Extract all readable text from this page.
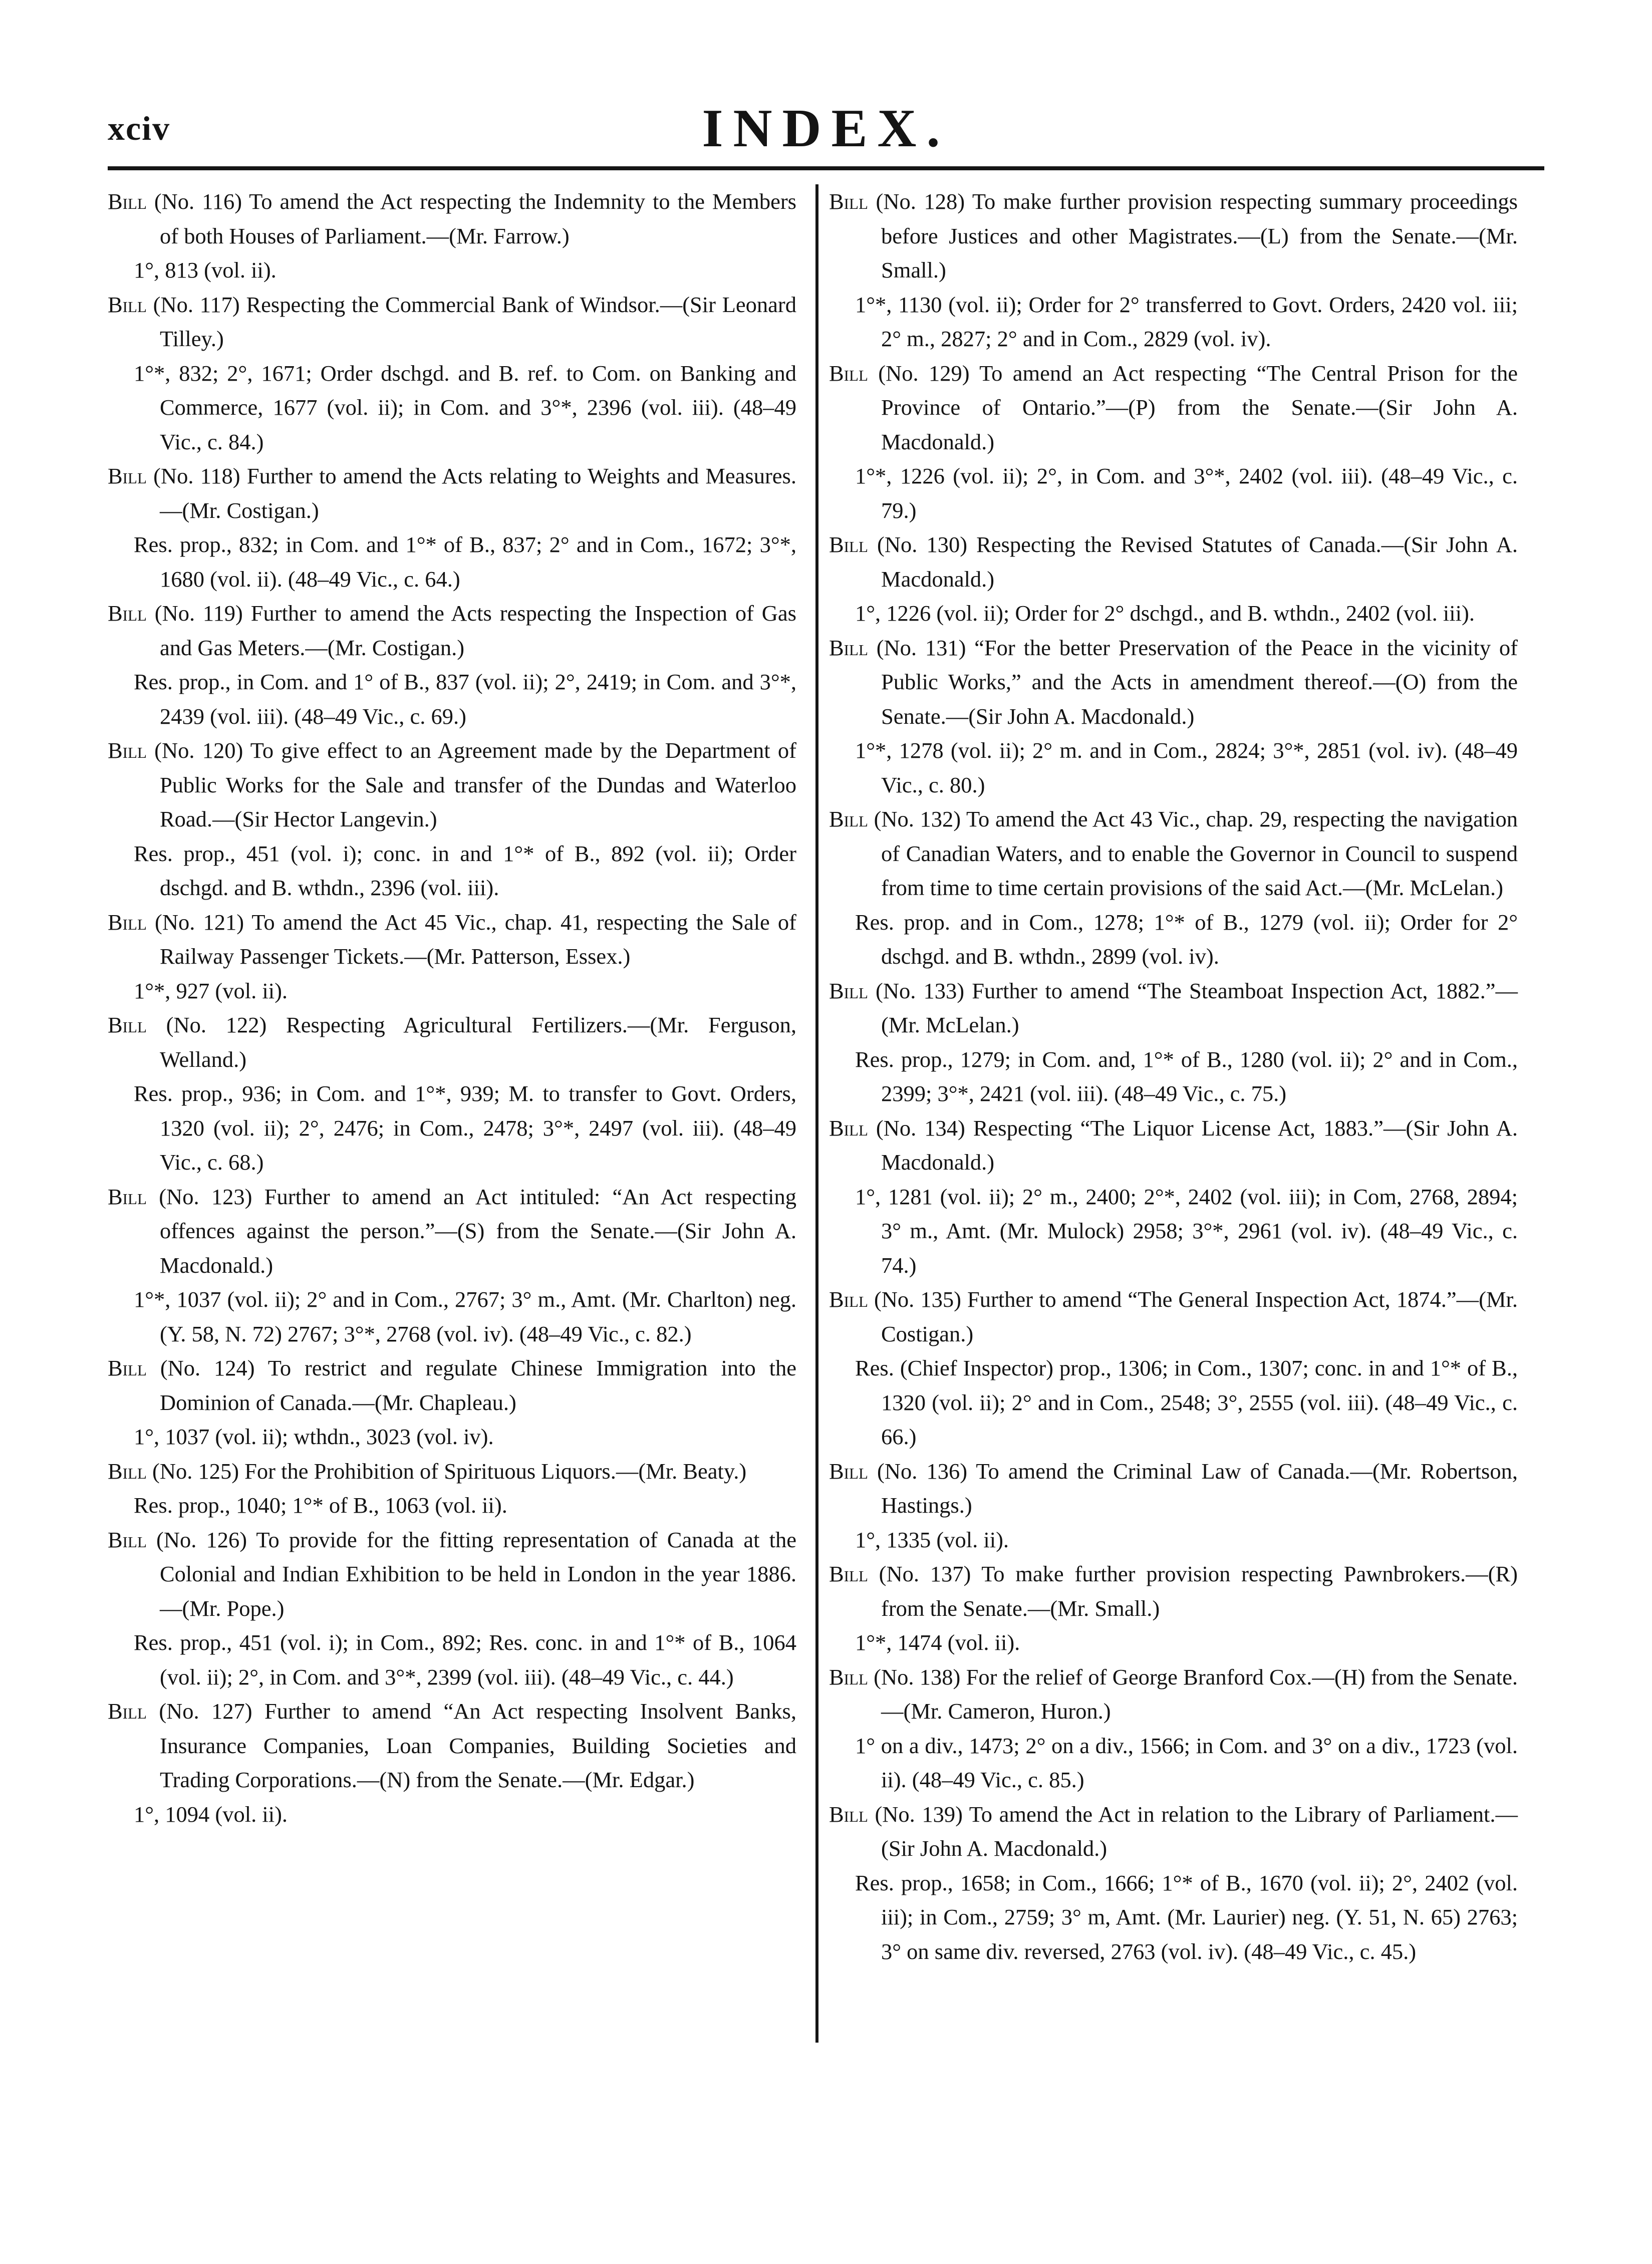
xciv	INDEX.

Bill (No. 116) To amend the Act respecting the Indemnity to the Members of both Houses of Parliament.—(Mr. Farrow.)

1°, 813 (vol. ii).

Bill (No. 117) Respecting the Commercial Bank of Windsor.—(Sir Leonard Tilley.)

1°*, 832; 2°, 1671; Order dschgd. and B. ref. to Com. on Banking and Commerce, 1677 (vol. ii); in Com. and 3°*, 2396 (vol. iii). (48–49 Vic., c. 84.)

Bill (No. 118) Further to amend the Acts relating to Weights and Measures.—(Mr. Costigan.)

Res. prop., 832; in Com. and 1°* of B., 837; 2° and in Com., 1672; 3°*, 1680 (vol. ii). (48–49 Vic., c. 64.)

Bill (No. 119) Further to amend the Acts respecting the Inspection of Gas and Gas Meters.—(Mr. Costigan.)

Res. prop., in Com. and 1° of B., 837 (vol. ii); 2°, 2419; in Com. and 3°*, 2439 (vol. iii). (48–49 Vic., c. 69.)

Bill (No. 120) To give effect to an Agreement made by the Department of Public Works for the Sale and transfer of the Dundas and Waterloo Road.—(Sir Hector Langevin.)

Res. prop., 451 (vol. i); conc. in and 1°* of B., 892 (vol. ii); Order dschgd. and B. wthdn., 2396 (vol. iii).

Bill (No. 121) To amend the Act 45 Vic., chap. 41, respecting the Sale of Railway Passenger Tickets.—(Mr. Patterson, Essex.)

1°*, 927 (vol. ii).

Bill (No. 122) Respecting Agricultural Fertilizers.—(Mr. Ferguson, Welland.)

Res. prop., 936; in Com. and 1°*, 939; M. to transfer to Govt. Orders, 1320 (vol. ii); 2°, 2476; in Com., 2478; 3°*, 2497 (vol. iii). (48–49 Vic., c. 68.)

Bill (No. 123) Further to amend an Act intituled: “An Act respecting offences against the person.”—(S) from the Senate.—(Sir John A. Macdonald.)

1°*, 1037 (vol. ii); 2° and in Com., 2767; 3° m., Amt. (Mr. Charlton) neg. (Y. 58, N. 72) 2767; 3°*, 2768 (vol. iv). (48–49 Vic., c. 82.)

Bill (No. 124) To restrict and regulate Chinese Immigration into the Dominion of Canada.—(Mr. Chapleau.)

1°, 1037 (vol. ii); wthdn., 3023 (vol. iv).

Bill (No. 125) For the Prohibition of Spirituous Liquors.—(Mr. Beaty.)

Res. prop., 1040; 1°* of B., 1063 (vol. ii).

Bill (No. 126) To provide for the fitting representation of Canada at the Colonial and Indian Exhibition to be held in London in the year 1886.—(Mr. Pope.)

Res. prop., 451 (vol. i); in Com., 892; Res. conc. in and 1°* of B., 1064 (vol. ii); 2°, in Com. and 3°*, 2399 (vol. iii). (48–49 Vic., c. 44.)

Bill (No. 127) Further to amend “An Act respecting Insolvent Banks, Insurance Companies, Loan Companies, Building Societies and Trading Corporations.—(N) from the Senate.—(Mr. Edgar.)

1°, 1094 (vol. ii).

Bill (No. 128) To make further provision respecting summary proceedings before Justices and other Magistrates.—(L) from the Senate.—(Mr. Small.)

1°*, 1130 (vol. ii); Order for 2° transferred to Govt. Orders, 2420 vol. iii; 2° m., 2827; 2° and in Com., 2829 (vol. iv).

Bill (No. 129) To amend an Act respecting “The Central Prison for the Province of Ontario.”—(P) from the Senate.—(Sir John A. Macdonald.)

1°*, 1226 (vol. ii); 2°, in Com. and 3°*, 2402 (vol. iii). (48–49 Vic., c. 79.)

Bill (No. 130) Respecting the Revised Statutes of Canada.—(Sir John A. Macdonald.)

1°, 1226 (vol. ii); Order for 2° dschgd., and B. wthdn., 2402 (vol. iii).

Bill (No. 131) “For the better Preservation of the Peace in the vicinity of Public Works,” and the Acts in amendment thereof.—(O) from the Senate.—(Sir John A. Macdonald.)

1°*, 1278 (vol. ii); 2° m. and in Com., 2824; 3°*, 2851 (vol. iv). (48–49 Vic., c. 80.)

Bill (No. 132) To amend the Act 43 Vic., chap. 29, respecting the navigation of Canadian Waters, and to enable the Governor in Council to suspend from time to time certain provisions of the said Act.—(Mr. McLelan.)

Res. prop. and in Com., 1278; 1°* of B., 1279 (vol. ii); Order for 2° dschgd. and B. wthdn., 2899 (vol. iv).

Bill (No. 133) Further to amend “The Steamboat Inspection Act, 1882.”—(Mr. McLelan.)

Res. prop., 1279; in Com. and, 1°* of B., 1280 (vol. ii); 2° and in Com., 2399; 3°*, 2421 (vol. iii). (48–49 Vic., c. 75.)

Bill (No. 134) Respecting “The Liquor License Act, 1883.”—(Sir John A. Macdonald.)

1°, 1281 (vol. ii); 2° m., 2400; 2°*, 2402 (vol. iii); in Com, 2768, 2894; 3° m., Amt. (Mr. Mulock) 2958; 3°*, 2961 (vol. iv). (48–49 Vic., c. 74.)

Bill (No. 135) Further to amend “The General Inspection Act, 1874.”—(Mr. Costigan.)

Res. (Chief Inspector) prop., 1306; in Com., 1307; conc. in and 1°* of B., 1320 (vol. ii); 2° and in Com., 2548; 3°, 2555 (vol. iii). (48–49 Vic., c. 66.)

Bill (No. 136) To amend the Criminal Law of Canada.—(Mr. Robertson, Hastings.)

1°, 1335 (vol. ii).

Bill (No. 137) To make further provision respecting Pawnbrokers.—(R) from the Senate.—(Mr. Small.)

1°*, 1474 (vol. ii).

Bill (No. 138) For the relief of George Branford Cox.—(H) from the Senate.—(Mr. Cameron, Huron.)

1° on a div., 1473; 2° on a div., 1566; in Com. and 3° on a div., 1723 (vol. ii). (48–49 Vic., c. 85.)

Bill (No. 139) To amend the Act in relation to the Library of Parliament.—(Sir John A. Macdonald.)

Res. prop., 1658; in Com., 1666; 1°* of B., 1670 (vol. ii); 2°, 2402 (vol. iii); in Com., 2759; 3° m, Amt. (Mr. Laurier) neg. (Y. 51, N. 65) 2763; 3° on same div. reversed, 2763 (vol. iv). (48–49 Vic., c. 45.)
